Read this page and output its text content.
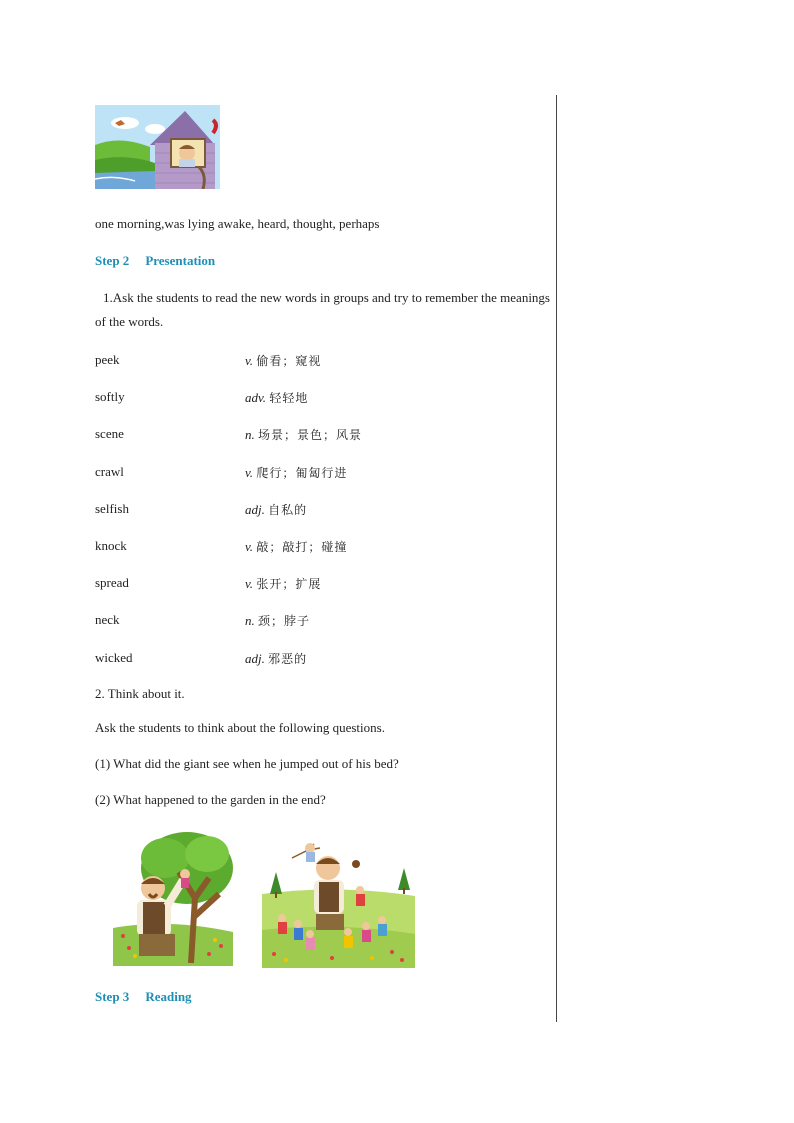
one morning,was lying awake, heard, thought, perhaps
Step 2 Presentation
1.Ask the students to read the new words in groups and try to remember the meanings of the words.
peek	v. 偷看；窥视
softly	adv. 轻轻地
scene	n. 场景；景色；风景
crawl	v. 爬行；匍匐行进
selfish	adj. 自私的
knock	v. 敲；敲打；碰撞
spread	v. 张开；扩展
neck	n. 颈；脖子
wicked	adj. 邪恶的
2. Think about it.
Ask the students to think about the following questions.
(1) What did the giant see when he jumped out of his bed?
(2) What happened to the garden in the end?
Step 3 Reading
